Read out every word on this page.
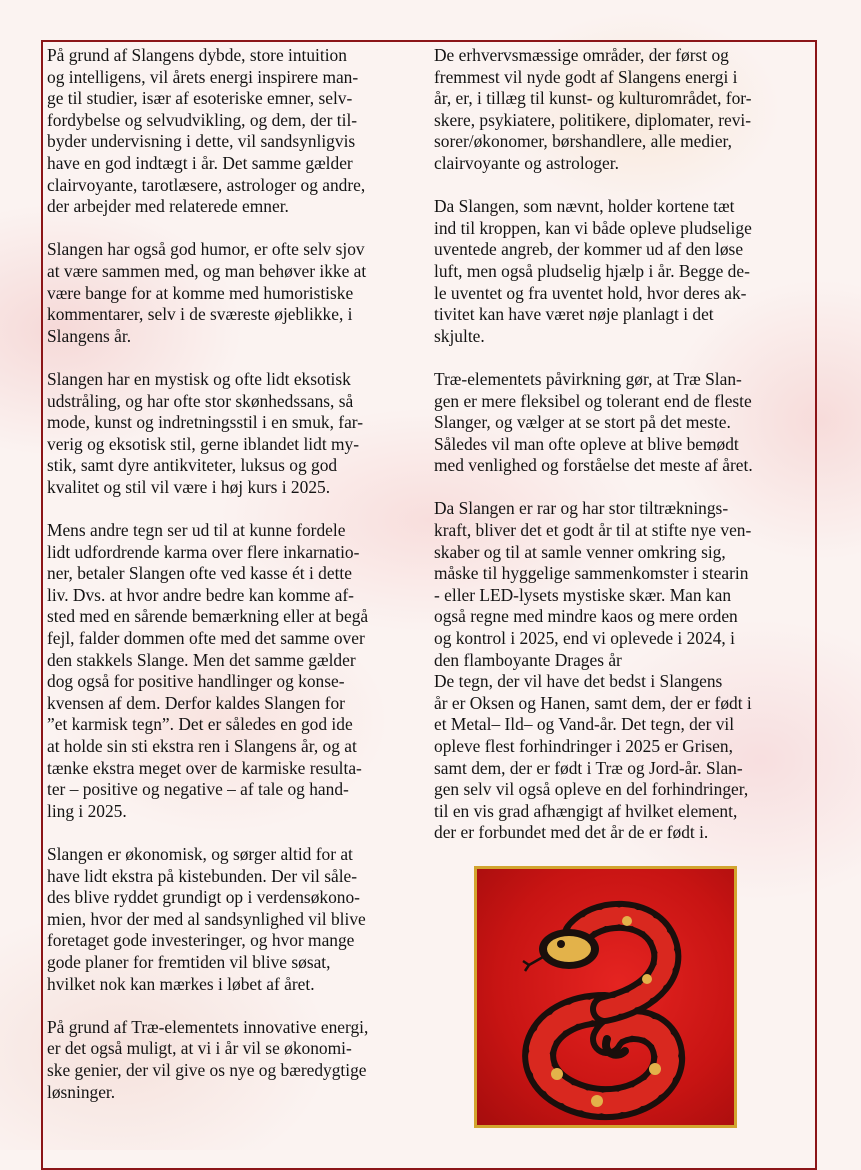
På grund af Slangens dybde, store intuition
og intelligens, vil årets energi inspirere man-
ge til studier, især af esoteriske emner, selv-
fordybelse og selvudvikling, og dem, der til-
byder undervisning i dette, vil sandsynligvis
have en god indtægt i år. Det samme gælder
clairvoyante, tarotlæsere, astrologer og andre,
der arbejder med relaterede emner.

Slangen har også god humor, er ofte selv sjov
at være sammen med, og man behøver ikke at
være bange for at komme med humoristiske
kommentarer, selv i de sværeste øjeblikke, i
Slangens år.

Slangen har en mystisk og ofte lidt eksotisk
udstråling, og har ofte stor skønhedssans, så
mode, kunst og indretningsstil i en smuk, far-
verig og eksotisk stil, gerne iblandet lidt my-
stik, samt dyre antikviteter, luksus og god
kvalitet og stil vil være i høj kurs i 2025.

Mens andre tegn ser ud til at kunne fordele
lidt udfordrende karma over flere inkarnatio-
ner, betaler Slangen ofte ved kasse ét i dette
liv. Dvs. at hvor andre bedre kan komme af-
sted med en sårende bemærkning eller at begå
fejl, falder dommen ofte med det samme over
den stakkels Slange. Men det samme gælder
dog også for positive handlinger og konse-
kvensen af dem. Derfor kaldes Slangen for
”et karmisk tegn”. Det er således en god ide
at holde sin sti ekstra ren i Slangens år, og at
tænke ekstra meget over de karmiske resulta-
ter – positive og negative – af tale og hand-
ling i 2025.

Slangen er økonomisk, og sørger altid for at
have lidt ekstra på kistebunden. Der vil såle-
des blive ryddet grundigt op i verdensøkono-
mien, hvor der med al sandsynlighed vil blive
foretaget gode investeringer, og hvor mange
gode planer for fremtiden vil blive søsat,
hvilket nok kan mærkes i løbet af året.

På grund af Træ-elementets innovative energi,
er det også muligt, at vi i år vil se økonomi-
ske genier, der vil give os nye og bæredygtige
løsninger.

De erhvervsmæssige områder, der først og
fremmest vil nyde godt af Slangens energi i
år, er, i tillæg til kunst- og kulturområdet, for-
skere, psykiatere, politikere, diplomater, revi-
sorer/økonomer, børshandlere, alle medier,
clairvoyante og astrologer.

Da Slangen, som nævnt, holder kortene tæt
ind til kroppen, kan vi både opleve pludselige
uventede angreb, der kommer ud af den løse
luft, men også pludselig hjælp i år. Begge de-
le uventet og fra uventet hold, hvor deres ak-
tivitet kan have været nøje planlagt i det
skjulte.

Træ-elementets påvirkning gør, at Træ Slan-
gen er mere fleksibel og tolerant end de fleste
Slanger, og vælger at se stort på det meste.
Således vil man ofte opleve at blive bemødt
med venlighed og forståelse det meste af året.

Da Slangen er rar og har stor tiltræknings-
kraft, bliver det et godt år til at stifte nye ven-
skaber og til at samle venner omkring sig,
måske til hyggelige sammenkomster i stearin
- eller LED-lysets mystiske skær. Man kan
også regne med mindre kaos og mere orden
og kontrol i 2025, end vi oplevede i 2024, i
den flamboyante Drages år
De tegn, der vil have det bedst i Slangens
år er Oksen og Hanen, samt dem, der er født i
et Metal– Ild– og Vand-år. Det tegn, der vil
opleve flest forhindringer i 2025 er Grisen,
samt dem, der er født i Træ og Jord-år. Slan-
gen selv vil også opleve en del forhindringer,
til en vis grad afhængigt af hvilket element,
der er forbundet med det år de er født i.
